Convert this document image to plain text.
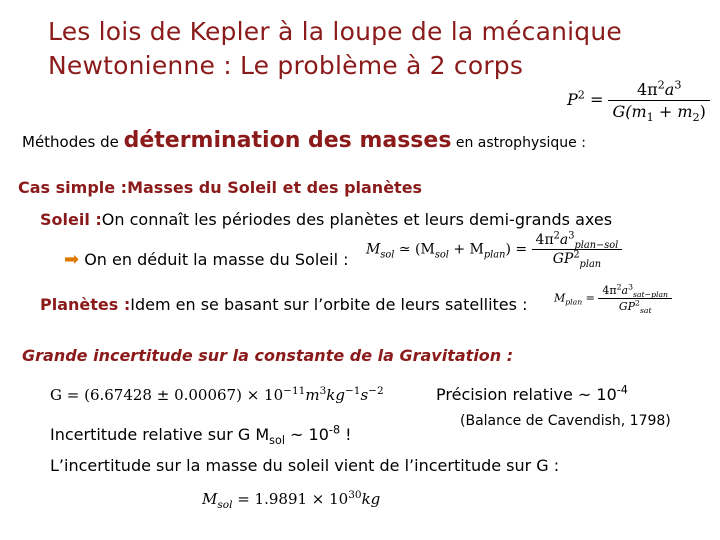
Les lois de Kepler à la loupe de la mécanique
Newtonienne : Le problème à 2 corps
$P^2 = \frac{4\pi^2a^3}{G(m_1 + m_2)}$
Méthodes de détermination des masses en astrophysique :
Cas simple :Masses du Soleil et des planètes
Soleil :On connaît les périodes des planètes et leurs demi-grands axes
➡ On en déduit la masse du Soleil :
$M_{sol}$ ≃ $(M_{sol} + M_{plan}) = \frac{4\pi^2a^3_{plan-sol}}{GP^2_{plan}}$
Planètes :Idem en se basant sur l’orbite de leurs satellites : $M_{plan} = \frac{4\pi^2a^3_{sat-plan}}{GP^2_{sat}}$
Grande incertitude sur la constante de la Gravitation :
$G = (6.67428 \pm 0.00067) \times 10^{-11}m^3kg^{-1}s^{-2}$	Précision relative ~ $10^{-4}$
(Balance de Cavendish, 1798)
Incertitude relative sur G $M_{sol}$ ~ $10^{-8}$ !
L’incertitude sur la masse du soleil vient de l’incertitude sur G :
$M_{sol} = 1.9891 \times 10^{30}kg$
